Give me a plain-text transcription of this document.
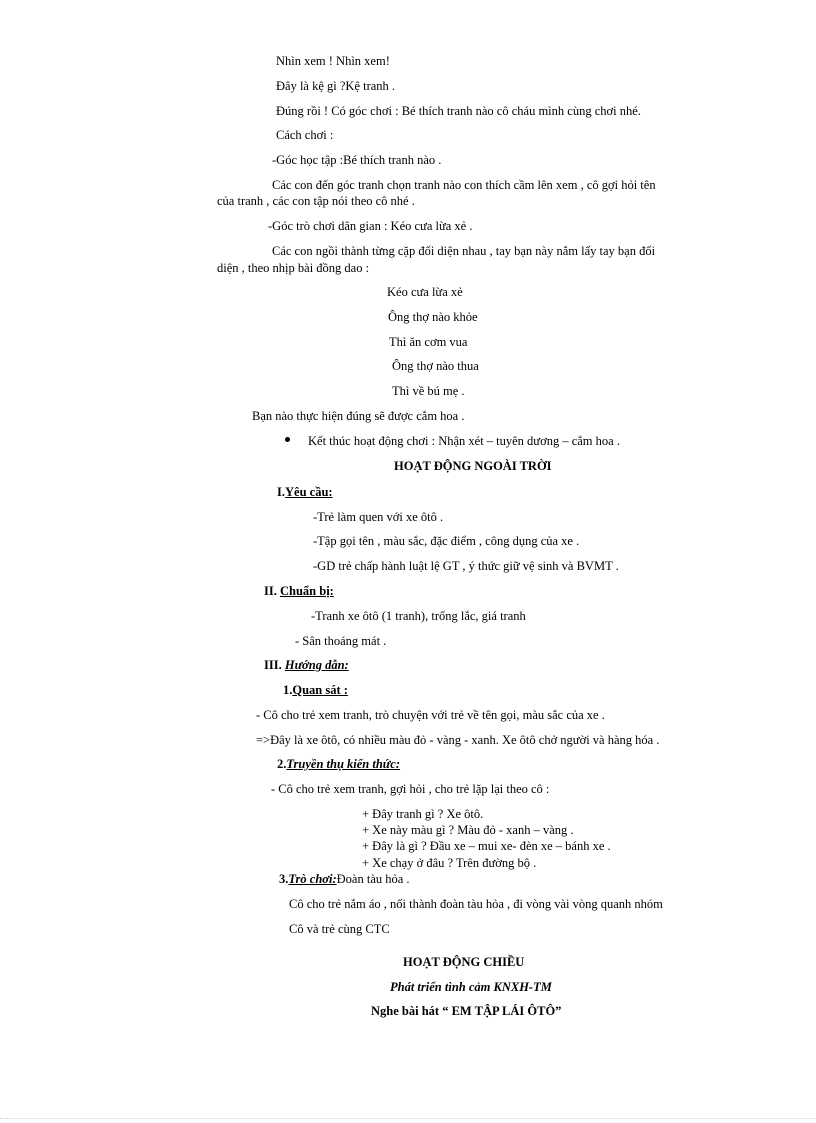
Nhìn xem ! Nhìn xem!
Đây là kệ gì ?Kệ tranh .
Đúng rồi ! Có góc chơi : Bé thích tranh nào cô cháu mình cùng chơi nhé.
Cách chơi :
-Góc học tập :Bé thích tranh nào .
Các con đến góc tranh chọn tranh nào con thích cầm lên xem , cô gợi hỏi tên
của tranh , các con tập nói theo cô nhé .
-Góc trò chơi dân gian : Kéo cưa lừa xẻ .
Các con ngồi thành từng cặp đối diện nhau , tay bạn này nắm lấy tay bạn đối
diện , theo nhịp bài đồng dao :
Kéo cưa lừa xẻ
Ông thợ nào khỏe
Thì ăn cơm vua
Ông thợ nào thua
Thì về bú mẹ .
Bạn nào thực hiện đúng sẽ được cắm hoa .
Kết thúc hoạt động chơi : Nhận xét – tuyên dương – cắm hoa .
HOẠT ĐỘNG NGOÀI TRỜI
I.Yêu cầu:
-Trẻ làm quen với xe ôtô .
-Tập gọi tên , màu sắc, đặc điểm , công dụng của xe .
-GD trẻ chấp hành luật lệ GT , ý thức giữ vệ sinh và BVMT .
II. Chuẩn bị:
-Tranh xe ôtô (1 tranh), trống lắc, giá tranh
- Sân thoáng mát .
III. Hướng dẫn:
1.Quan sát :
- Cô cho trẻ xem tranh, trò chuyện với trẻ về tên gọi, màu sắc của xe .
=>Đây là xe ôtô, có nhiều màu đỏ - vàng - xanh. Xe ôtô chở người và hàng hóa .
2.Truyền thụ kiến thức:
- Cô cho trẻ xem tranh, gợi hỏi , cho trẻ lặp lại theo cô :
+ Đây tranh gì ? Xe ôtô.
+ Xe này màu gì ? Màu đỏ - xanh – vàng .
+ Đây là gì ? Đầu xe – mui xe- đèn xe – bánh xe .
+ Xe chạy ở đâu ? Trên đường bộ .
3.Trò chơi:Đoàn tàu hỏa .
Cô cho trẻ nắm áo , nối thành đoàn tàu hỏa , đi vòng vài vòng quanh nhóm
Cô và trẻ cùng CTC
HOẠT ĐỘNG CHIỀU
Phát triển tình cảm KNXH-TM
Nghe bài hát “ EM TẬP LÁI ÔTÔ”
